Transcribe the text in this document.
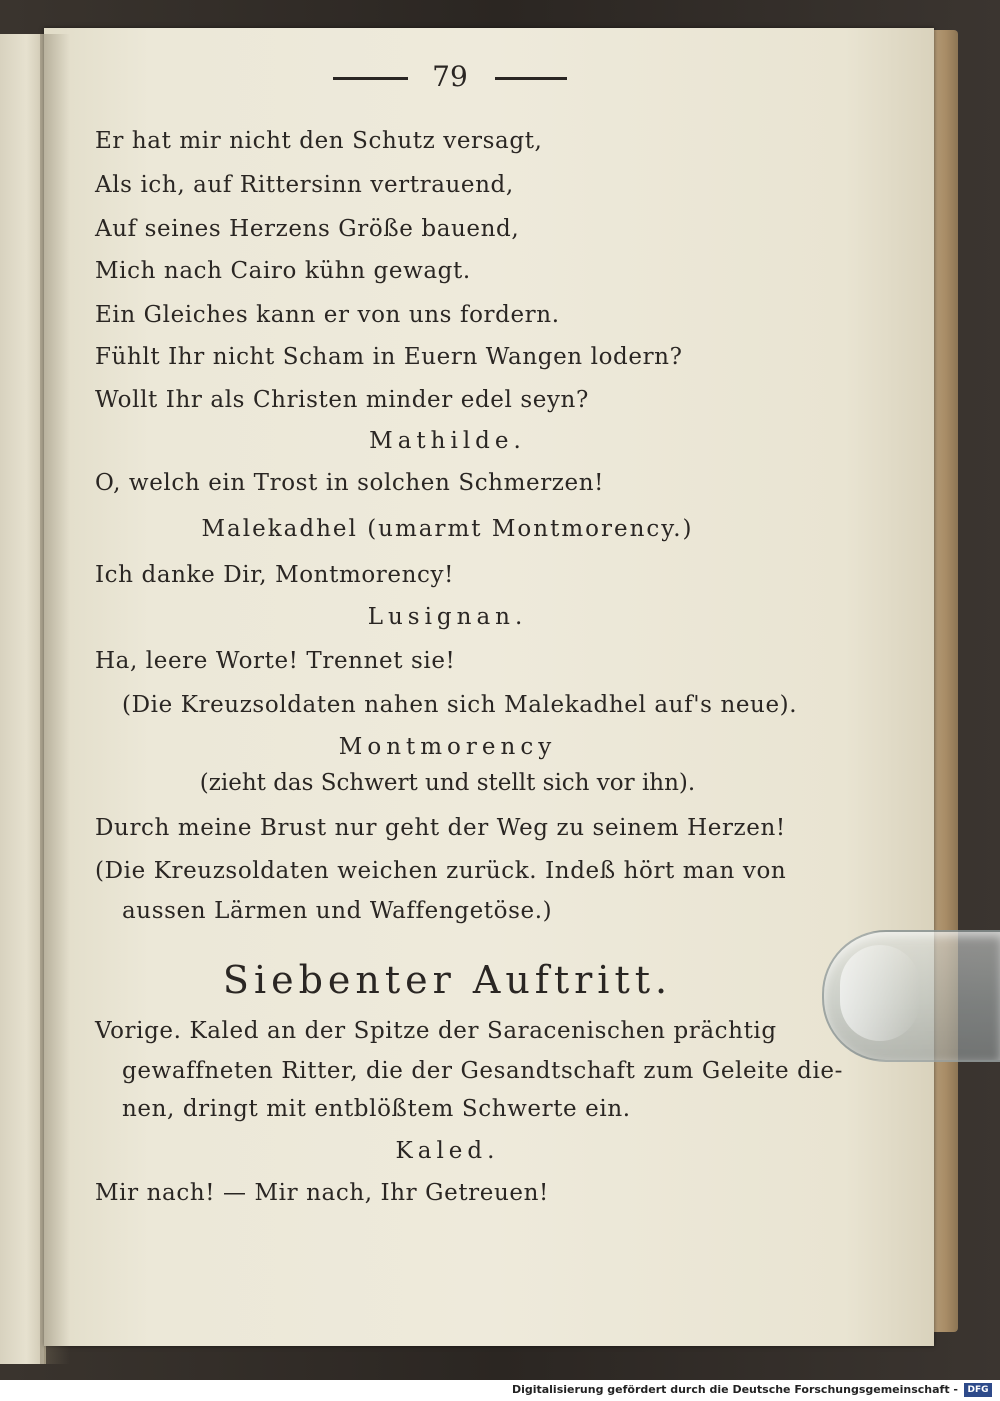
79
Er hat mir nicht den Schutz versagt,
Als ich, auf Rittersinn vertrauend,
Auf seines Herzens Größe bauend,
Mich nach Cairo kühn gewagt.
Ein Gleiches kann er von uns fordern.
Fühlt Ihr nicht Scham in Euern Wangen lodern?
Wollt Ihr als Christen minder edel seyn?
Mathilde.
O, welch ein Trost in solchen Schmerzen!
Malekadhel (umarmt Montmorency.)
Ich danke Dir, Montmorency!
Lusignan.
Ha, leere Worte! Trennet sie!
(Die Kreuzsoldaten nahen sich Malekadhel auf's neue).
Montmorency
(zieht das Schwert und stellt sich vor ihn).
Durch meine Brust nur geht der Weg zu seinem Herzen!
(Die Kreuzsoldaten weichen zurück. Indeß hört man von
aussen Lärmen und Waffengetöse.)
Siebenter Auftritt.
Vorige. Kaled an der Spitze der Saracenischen prächtig
gewaffneten Ritter, die der Gesandtschaft zum Geleite die-
nen, dringt mit entblößtem Schwerte ein.
Kaled.
Mir nach! — Mir nach, Ihr Getreuen!
Digitalisierung gefördert durch die Deutsche Forschungsgemeinschaft -	DFG
